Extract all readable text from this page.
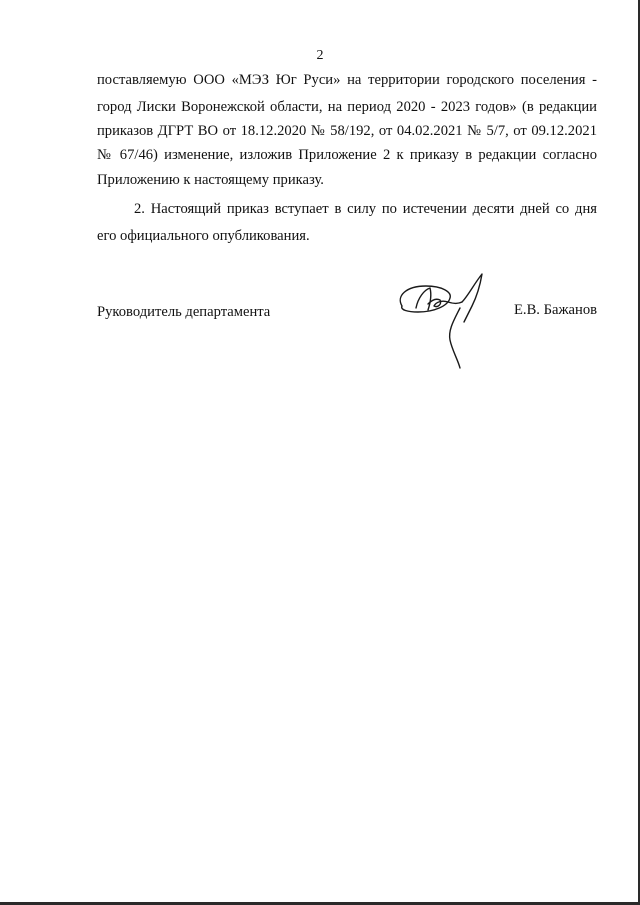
2
поставляемую ООО «МЭЗ Юг Руси» на территории городского поселения -
город Лиски Воронежской области, на период 2020 - 2023 годов» (в редакции
приказов ДГРТ ВО от 18.12.2020 № 58/192, от 04.02.2021 № 5/7, от 09.12.2021
№ 67/46) изменение, изложив Приложение 2 к приказу в редакции согласно
Приложению к настоящему приказу.
2. Настоящий приказ вступает в силу по истечении десяти дней со дня
его официального опубликования.
Руководитель департамента	Е.В. Бажанов
